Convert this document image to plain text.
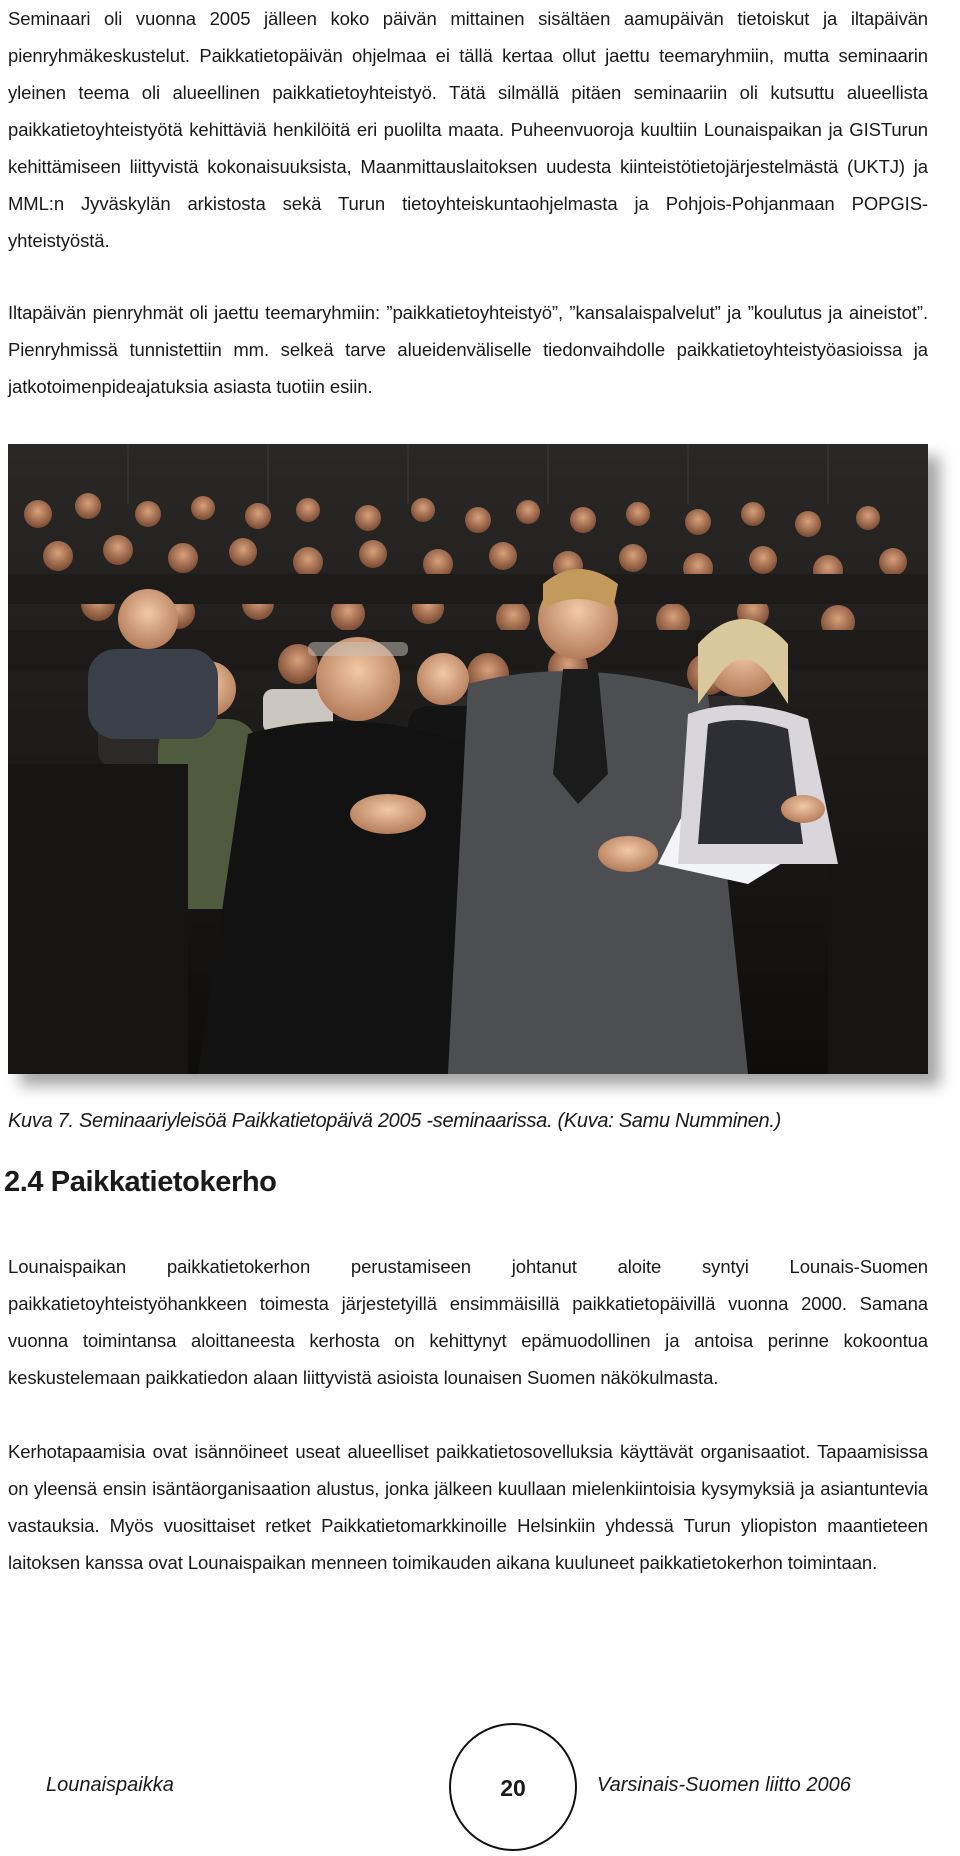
Seminaari oli vuonna 2005 jälleen koko päivän mittainen sisältäen aamupäivän tietoiskut ja iltapäivän pienryhmäkeskustelut. Paikkatietopäivän ohjelmaa ei tällä kertaa ollut jaettu teemaryhmiin, mutta seminaarin yleinen teema oli alueellinen paikkatietoyhteistyö. Tätä silmällä pitäen seminaariin oli kutsuttu alueellista paikkatietoyhteistyötä kehittäviä henkilöitä eri puolilta maata. Puheenvuoroja kuultiin Lounaispaikan ja GISTurun kehittämiseen liittyvistä kokonaisuuksista, Maanmittauslaitoksen uudesta kiinteistötietojärjestelmästä (UKTJ) ja MML:n Jyväskylän arkistosta sekä Turun tietoyhteiskuntaohjelmasta ja Pohjois-Pohjanmaan POPGIS-yhteistyöstä.

Iltapäivän pienryhmät oli jaettu teemaryhmiin: ”paikkatietoyhteistyö”, ”kansalaispalvelut” ja ”koulutus ja aineistot”. Pienryhmissä tunnistettiin mm. selkeä tarve alueidenväliselle tiedonvaihdolle paikkatietoyhteistyöasioissa ja jatkotoimenpideajatuksia asiasta tuotiin esiin.

Kuva 7. Seminaariyleisöä Paikkatietopäivä 2005 -seminaarissa. (Kuva: Samu Numminen.)
2.4 Paikkatietokerho

Lounaispaikan paikkatietokerhon perustamiseen johtanut aloite syntyi Lounais-Suomen paikkatietoyhteistyöhankkeen toimesta järjestetyillä ensimmäisillä paikkatietopäivillä vuonna 2000. Samana vuonna toimintansa aloittaneesta kerhosta on kehittynyt epämuodollinen ja antoisa perinne kokoontua keskustelemaan paikkatiedon alaan liittyvistä asioista lounaisen Suomen näkökulmasta.

Kerhotapaamisia ovat isännöineet useat alueelliset paikkatietosovelluksia käyttävät organisaatiot. Tapaamisissa on yleensä ensin isäntäorganisaation alustus, jonka jälkeen kuullaan mielenkiintoisia kysymyksiä ja asiantuntevia vastauksia. Myös vuosittaiset retket Paikkatietomarkkinoille Helsinkiin yhdessä Turun yliopiston maantieteen laitoksen kanssa ovat Lounaispaikan menneen toimikauden aikana kuuluneet paikkatietokerhon toimintaan.

Lounaispaikka	20	Varsinais-Suomen liitto 2006
